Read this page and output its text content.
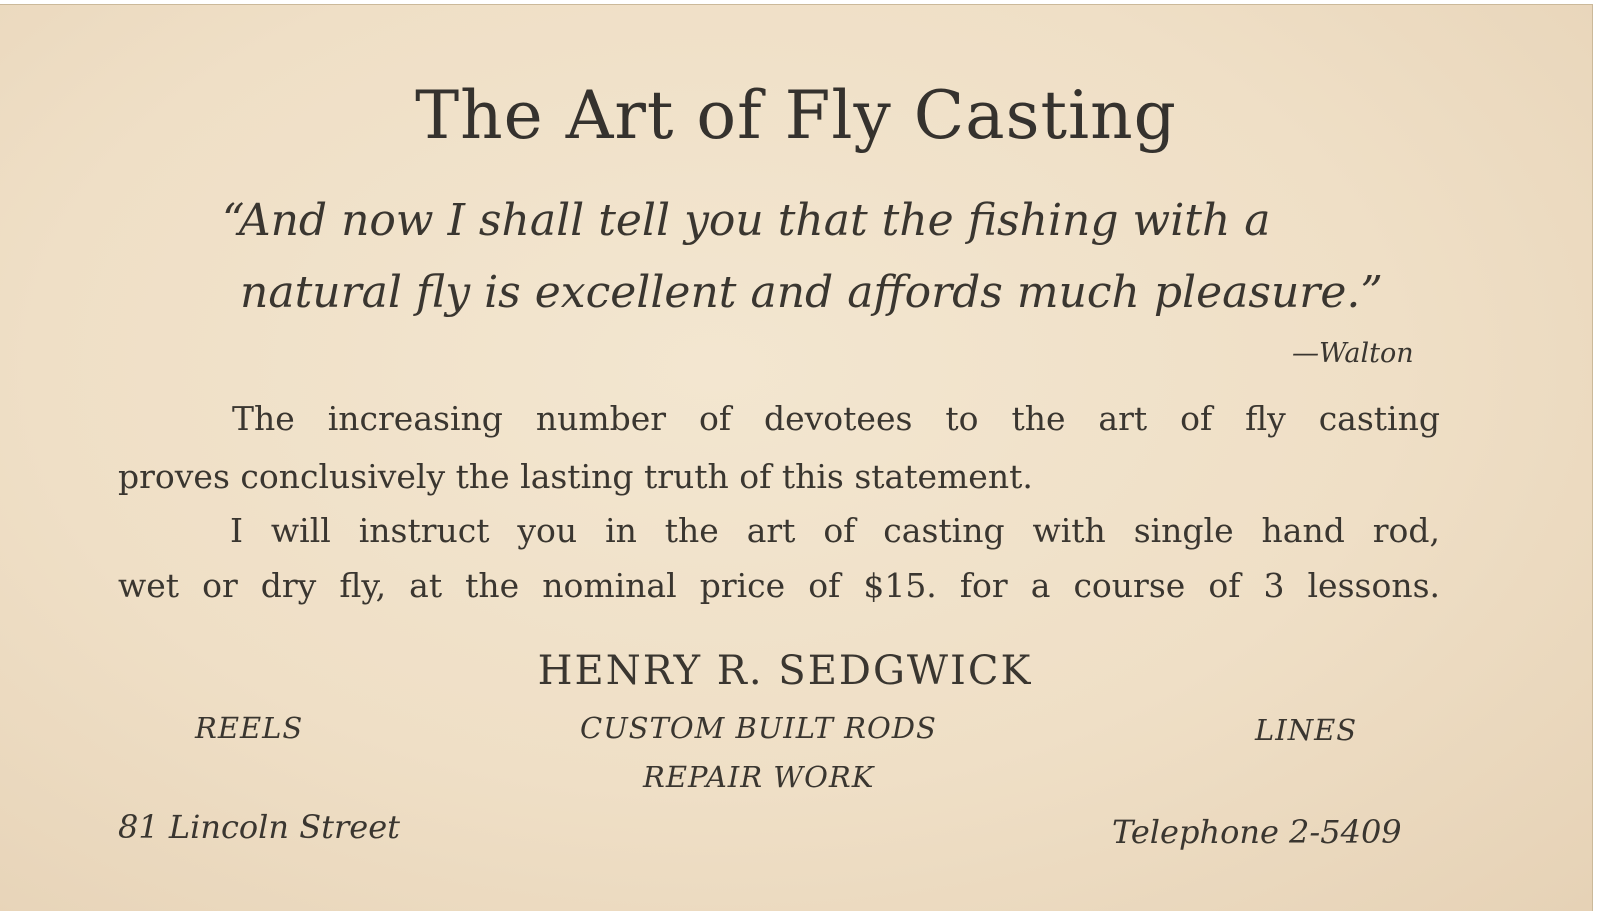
The Art of Fly Casting
“And now I shall tell you that the fishing with a
natural fly is excellent and affords much pleasure.”
—Walton
The increasing number of devotees to the art of fly casting
proves conclusively the lasting truth of this statement.
I will instruct you in the art of casting with single hand rod,
wet or dry fly, at the nominal price of $15. for a course of 3 lessons.
HENRY R. SEDGWICK
REELS	CUSTOM BUILT RODS	LINES
REPAIR WORK
81 Lincoln Street	Telephone 2-5409
